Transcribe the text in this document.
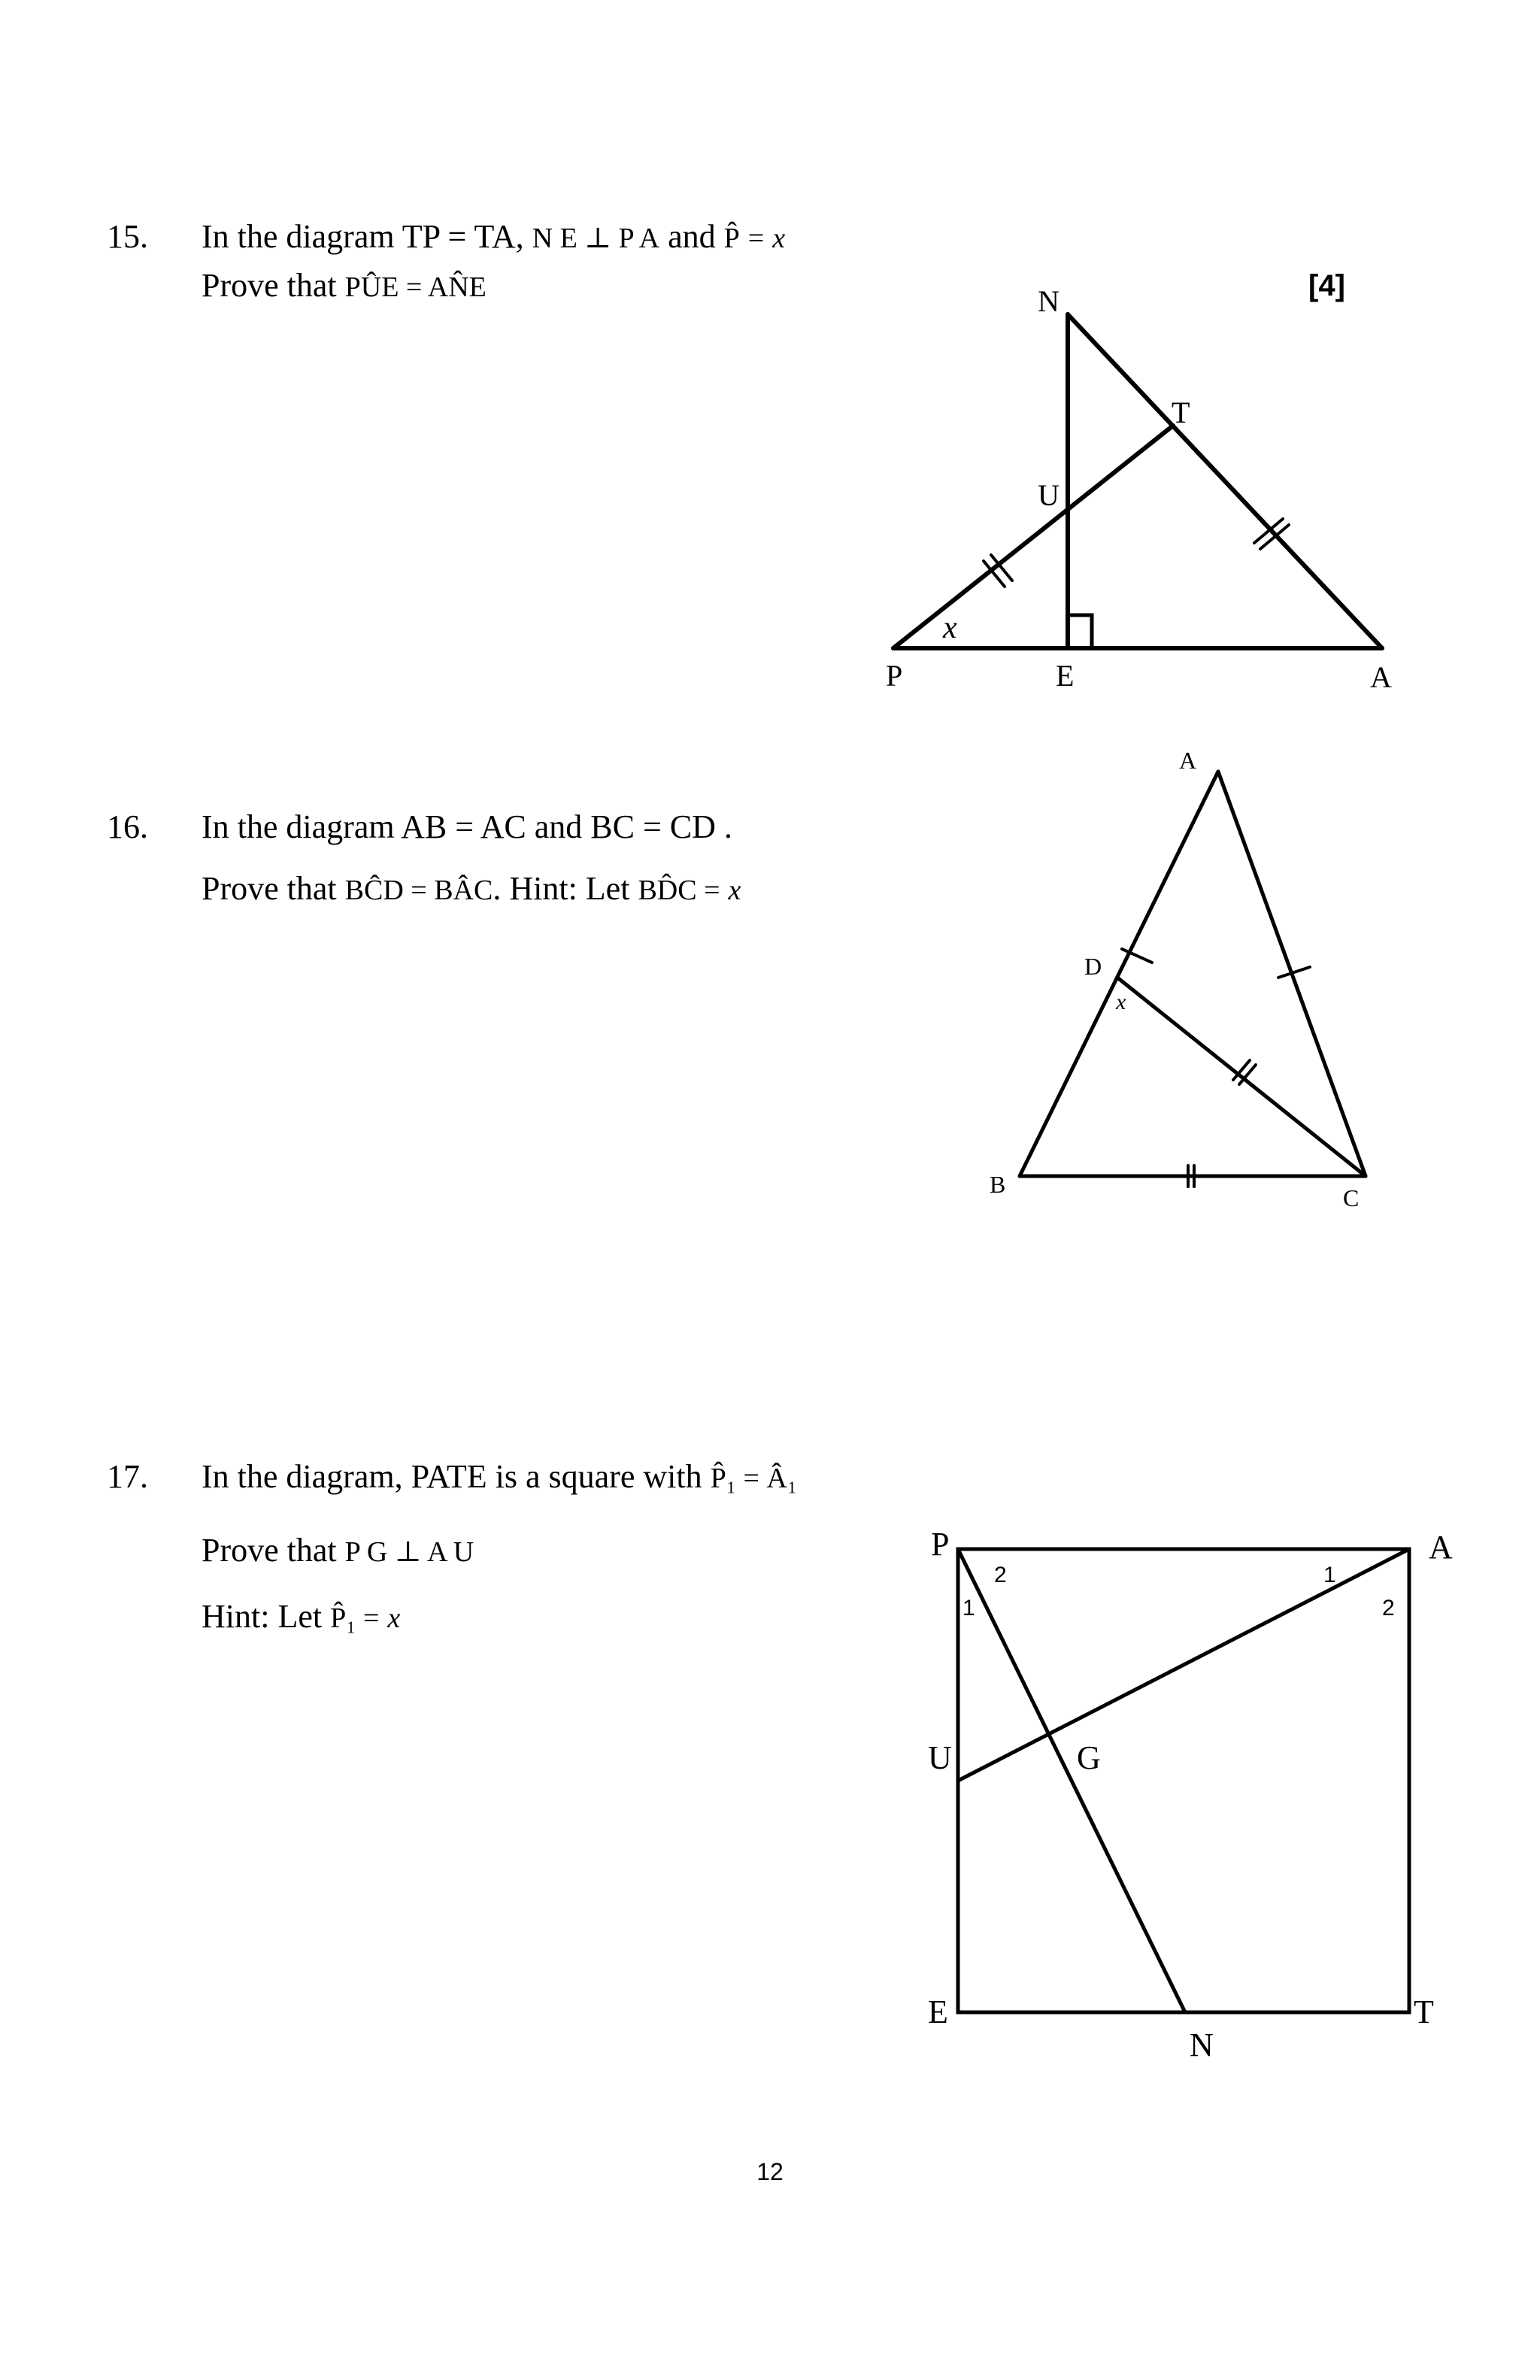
15. In the diagram TP = TA, N E ⊥ P A and P̂ = x
Prove that PÛE = AN̂E	[4]
N
T
U
P	E	A
x
16. In the diagram AB = AC and BC = CD .
Prove that BĈD = BÂC. Hint: Let BD̂C = x
A
D
B	C
x
17. In the diagram, PATE is a square with P̂₁ = Â₁
Prove that P G ⊥ A U
Hint: Let P̂₁ = x
P	A
U	G
E	T
N
2	1
1	2
12
